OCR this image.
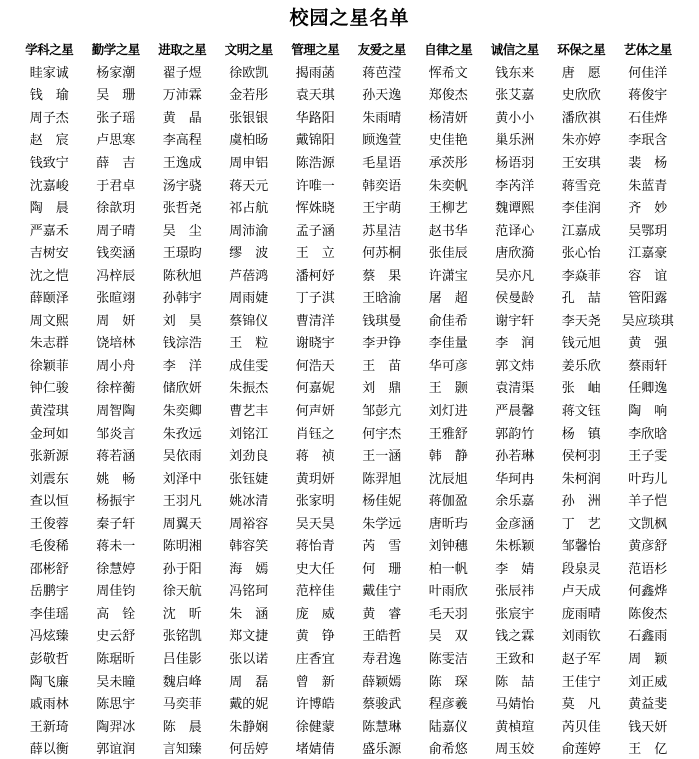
校园之星名单
学科之星	勤学之星	进取之星	文明之星	管理之星	友爱之星	自律之星	诚信之星	环保之星	艺体之星
眭家诚	杨家潮	翟子煜	徐欧凯	揭雨菡	蒋芭滢	恽希文	钱东来	唐　愿	何佳洋
钱　瑜	吴　珊	万沛霖	金若彤	袁天琪	孙天逸	郑俊杰	张艾嘉	史欣欣	蒋俊宇
周子杰	张子瑶	黄　晶	张银银	华路阳	朱雨晴	杨清妍	黄小小	潘欣祺	石佳烨
赵　宸	卢思寒	李高程	虞柏旸	戴锦阳	顾逸萱	史佳艳	巢乐洲	朱亦婷	李珉含
钱致宁	薛　吉	王逸成	周申铝	陈浩源	毛星语	承茨彤	杨语羽	王安琪	裴　杨
沈嘉峻	于君卓	汤宇骁	蒋天元	许唯一	韩奕语	朱奕帆	李芮洋	蒋雪竞	朱蓝青
陶　晨	徐歆玥	张哲尧	祁占航	恽姝晓	王宇萌	王柳艺	魏谭熙	李佳润	齐　妙
严嘉禾	周子晴	吴　尘	周沛渝	孟子涵	苏星洁	赵书华	范译心	江嘉成	吴鄂玥
吉树安	钱奕涵	王璟昀	缪　波	王　立	何苏桐	张佳辰	唐欣漪	张心怡	江嘉豪
沈之恺	冯梓辰	陈秋旭	芦蓓鸿	潘柯妤	蔡　果	许潇宝	吴亦凡	李焱菲	容　谊
薛颐泽	张暄翊	孙韩宇	周雨婕	丁子淇	王晗渝	屠　超	侯曼龄	孔　喆	管阳露
周文熙	周　妍	刘　昊	蔡锦仪	曹清洋	钱琪曼	俞佳希	谢宇轩	李天尧	吴应琰琪
朱志群	饶培林	钱淙浩	王　粒	谢晓宇	李尹铮	李佳量	李　润	钱元旭	黄　强
徐颖菲	周小舟	李　洋	成佳雯	何浩天	王　苗	华可彦	郭文炜	姜乐欣	蔡雨轩
钟仁骏	徐梓蘅	储欣妍	朱振杰	何嘉妮	刘　鼎	王　颢	袁清渠	张　岫	任卿逸
黄滢琪	周智陶	朱奕卿	曹艺丰	何声妍	邹彭亢	刘灯进	严晨馨	蒋文钰	陶　响
金珂如	邹炎言	朱孜远	刘铭江	肖钰之	何宇杰	王雅舒	郭韵竹	杨　镇	李欣晗
张新源	蒋若涵	吴依雨	刘劲良	蒋　祯	王一涵	韩　静	孙若琳	侯柯羽	王子雯
刘震东	姚　畅	刘泽中	张钰婕	黄玥妍	陈羿旭	沈辰旭	华珂冉	朱柯润	叶玙儿
查以恒	杨振宇	王羽凡	姚冰清	张家明	杨佳妮	蒋伽盈	余乐嘉	孙　洲	羊子恺
王俊蓉	秦子轩	周翼天	周裕容	吴天昊	朱学远	唐昕玙	金彦涵	丁　艺	文凯枫
毛俊稀	蒋未一	陈明湘	韩容笑	蒋怡青	芮　雪	刘钟穗	朱栎颖	邹馨怡	黄彦舒
邵彬舒	徐慧婷	孙于阳	海　嫣	史大任	何　珊	柏一帆	李　婧	段泉灵	范语杉
岳鹏宇	周佳钧	徐天航	冯铭珂	范梓佳	戴佳宁	叶雨欣	张辰祎	卢天成	何鑫烨
李佳瑶	高　铨	沈　昕	朱　涵	庞　威	黄　睿	毛天羽	张宸宇	庞雨晴	陈俊杰
冯炫臻	史云舒	张铭凯	郑文捷	黄　铮	王皓哲	吴　双	钱之霖	刘雨钦	石鑫雨
彭敬哲	陈琚昕	吕佳影	张以诺	庄香宜	寿君逸	陈雯洁	王致和	赵子军	周　颖
陶飞廉	吴未瞳	魏启峰	周　磊	曾　新	薛颖嫣	陈　琛	陈　喆	王佳宁	刘正威
戚雨林	陈思宇	马奕菲	戴的妮	许博皓	蔡骏武	程彦羲	马婧怡	莫　凡	黄益斐
王新琦	陶羿冰	陈　晨	朱静娴	徐健蒙	陈慧琳	陆嘉仪	黄楨瑄	芮贝佳	钱天妍
薛以衡	郭谊润	言知臻	何岳婷	堵婧倩	盛乐源	俞希悠	周玉姣	俞莲婷	王　亿
